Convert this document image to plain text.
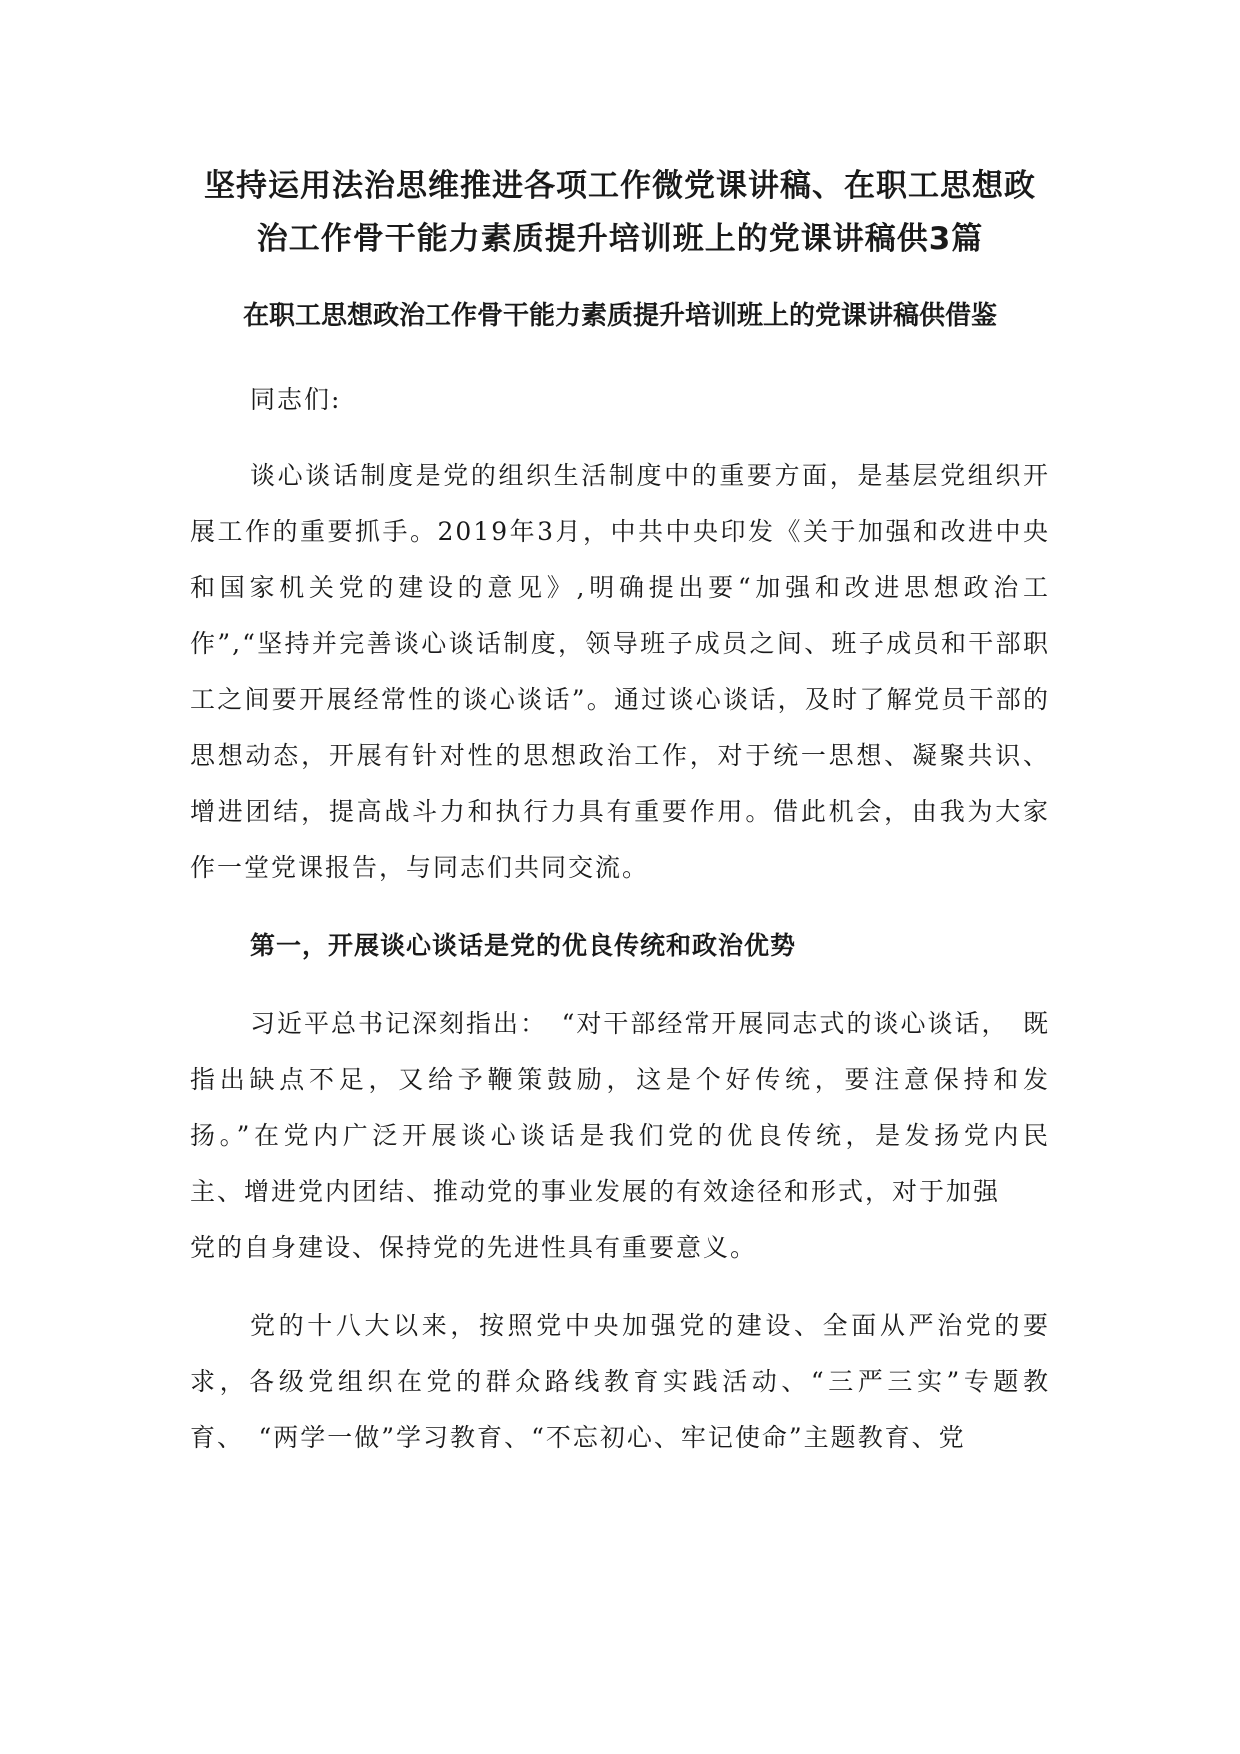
坚持运用法治思维推进各项工作微党课讲稿、在职工思想政
治工作骨干能力素质提升培训班上的党课讲稿供3篇
在职工思想政治工作骨干能力素质提升培训班上的党课讲稿供借鉴

同志们:

谈心谈话制度是党的组织生活制度中的重要方面，是基层党组织开展工作的重要抓手。2019年3月，中共中央印发《关于加强和改进中央和国家机关党的建设的意见》,明确提出要“加强和改进思想政治工作”,“坚持并完善谈心谈话制度，领导班子成员之间、班子成员和干部职工之间要开展经常性的谈心谈话”。通过谈心谈话，及时了解党员干部的思想动态，开展有针对性的思想政治工作，对于统一思想、凝聚共识、增进团结，提高战斗力和执行力具有重要作用。借此机会，由我为大家作一堂党课报告，与同志们共同交流。

第一，开展谈心谈话是党的优良传统和政治优势

习近平总书记深刻指出：　“对干部经常开展同志式的谈心谈话，　既指出缺点不足，又给予鞭策鼓励，这是个好传统，要注意保持和发　扬。”在党内广泛开展谈心谈话是我们党的优良传统，是发扬党内民　主、增进党内团结、推动党的事业发展的有效途径和形式，对于加强

党的自身建设、保持党的先进性具有重要意义。

党的十八大以来，按照党中央加强党的建设、全面从严治党的要求，各级党组织在党的群众路线教育实践活动、“三严三实”专题教育、　“两学一做”学习教育、“不忘初心、牢记使命”主题教育、党
